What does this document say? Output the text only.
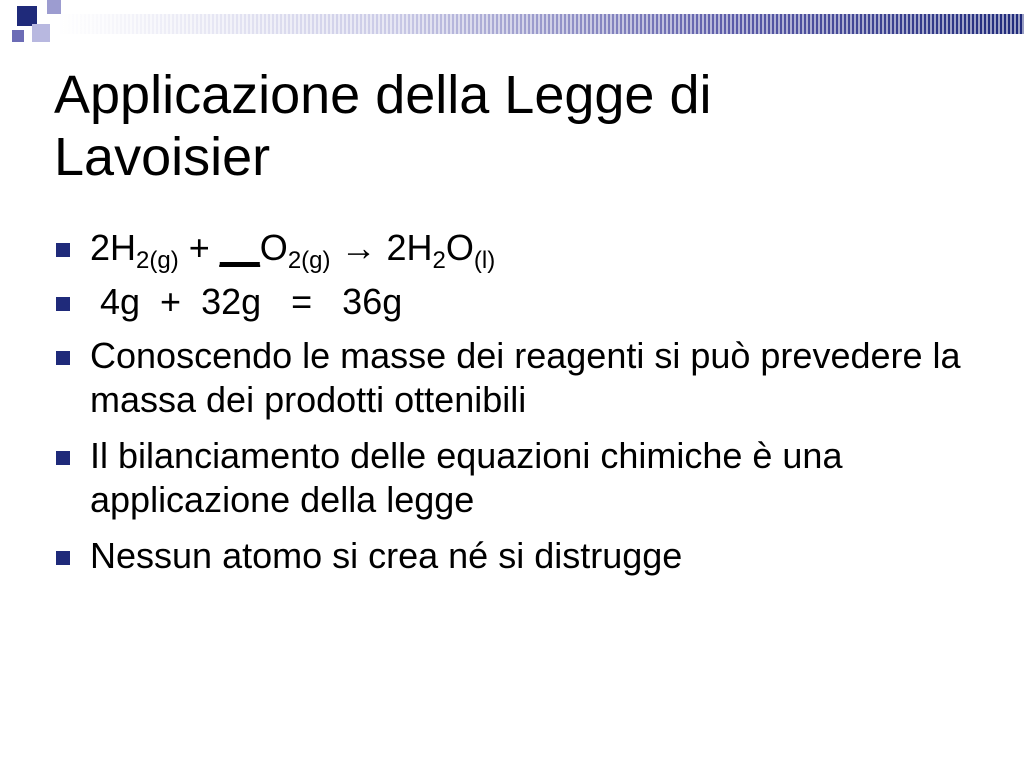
Applicazione della Legge di
Lavoisier
$2H_{2(g)}$ + $\_\_O_{2(g)} \to 2H_2O_{(l)}$
4g  +  32g   =   36g
Conoscendo le masse dei reagenti si può prevedere la massa dei prodotti ottenibili
Il bilanciamento delle equazioni chimiche è una applicazione della legge
Nessun atomo si crea né si distrugge
